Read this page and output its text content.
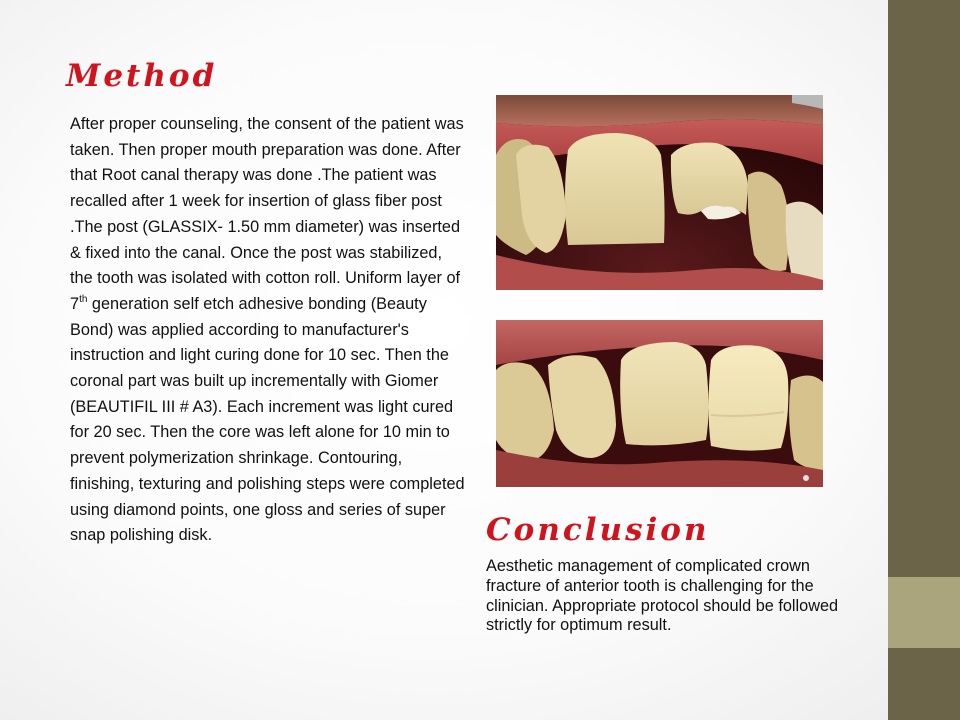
Method

After proper counseling, the consent of the patient was taken. Then proper mouth preparation was done. After that Root canal therapy was done .The patient was recalled after 1 week for insertion of glass fiber post .The post (GLASSIX- 1.50 mm diameter) was inserted & fixed into the canal. Once the post was stabilized, the tooth was isolated with cotton roll. Uniform layer of 7th generation self etch adhesive bonding (Beauty Bond) was applied according to manufacturer's instruction and light curing done for 10 sec. Then the coronal part was built up incrementally with Giomer (BEAUTIFIL III # A3). Each increment was light cured for 20 sec. Then the core was left alone for 10 min to prevent polymerization shrinkage. Contouring, finishing, texturing and polishing steps were completed using diamond points, one gloss and series of super snap polishing disk.	Conclusion

Aesthetic management of complicated crown fracture of anterior tooth is challenging for the clinician. Appropriate protocol should be followed strictly for optimum result.
